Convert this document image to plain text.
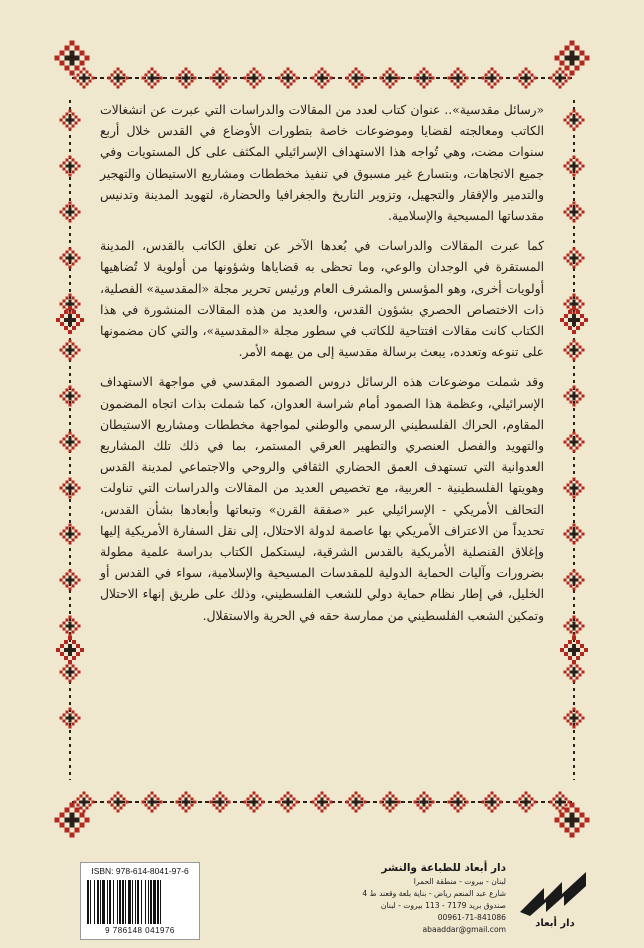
«رسائل مقدسية».. عنوان كتاب لعدد من المقالات والدراسات التي عبرت عن انشغالات الكاتب ومعالجته لقضايا وموضوعات خاصة بتطورات الأوضاع في القدس خلال أربع سنوات مضت، وهي تُواجه هذا الاستهداف الإسرائيلي المكثف على كل المستويات وفي جميع الاتجاهات، وبتسارع غير مسبوق في تنفيذ مخططات ومشاريع الاستيطان والتهجير والتدمير والإفقار والتجهيل، وتزوير التاريخ والجغرافيا والحضارة، لتهويد المدينة وتدنيس مقدساتها المسيحية والإسلامية.

كما عبرت المقالات والدراسات في بُعدها الآخر عن تعلق الكاتب بالقدس، المدينة المستقرة في الوجدان والوعي، وما تحظى به قضاياها وشؤونها من أولوية لا تُضاهيها أولويات أخرى، وهو المؤسس والمشرف العام ورئيس تحرير مجلة «المقدسية» الفصلية، ذات الاختصاص الحصري بشؤون القدس، والعديد من هذه المقالات المنشورة في هذا الكتاب كانت مقالات افتتاحية للكاتب في سطور مجلة «المقدسية»، والتي كان مضمونها على تنوعه وتعدده، يبعث برسالة مقدسية إلى من يهمه الأمر.

وقد شملت موضوعات هذه الرسائل دروس الصمود المقدسي في مواجهة الاستهداف الإسرائيلي، وعظمة هذا الصمود أمام شراسة العدوان، كما شملت بذات اتجاه المضمون المقاوم، الحراك الفلسطيني الرسمي والوطني لمواجهة مخططات ومشاريع الاستيطان والتهويد والفصل العنصري والتطهير العرقي المستمر، بما في ذلك تلك المشاريع العدوانية التي تستهدف العمق الحضاري الثقافي والروحي والاجتماعي لمدينة القدس وهويتها الفلسطينية - العربية، مع تخصيص العديد من المقالات والدراسات التي تناولت التحالف الأمريكي - الإسرائيلي عبر «صفقة القرن» وتبعاتها وأبعادها بشأن القدس، تحديداً من الاعتراف الأمريكي بها عاصمة لدولة الاحتلال، إلى نقل السفارة الأمريكية إليها وإغلاق القنصلية الأمريكية بالقدس الشرقية، ليستكمل الكتاب بدراسة علمية مطولة بضرورات وآليات الحماية الدولية للمقدسات المسيحية والإسلامية، سواء في القدس أو الخليل، في إطار نظام حماية دولي للشعب الفلسطيني، وذلك على طريق إنهاء الاحتلال وتمكين الشعب الفلسطيني من ممارسة حقه في الحرية والاستقلال.

ISBN: 978-614-8041-97-6
9 786148 041976
دار أبعاد للطباعة والنشر
لبنان - بيروت - منطقة الحمرا
شارع عبد المنعم رياض - بناية بلعة وقعند ط 4
صندوق بريد 7179 - 113 بيروت - لبنان
00961-71-841086
abaaddar@gmail.com
دار أبعاد
